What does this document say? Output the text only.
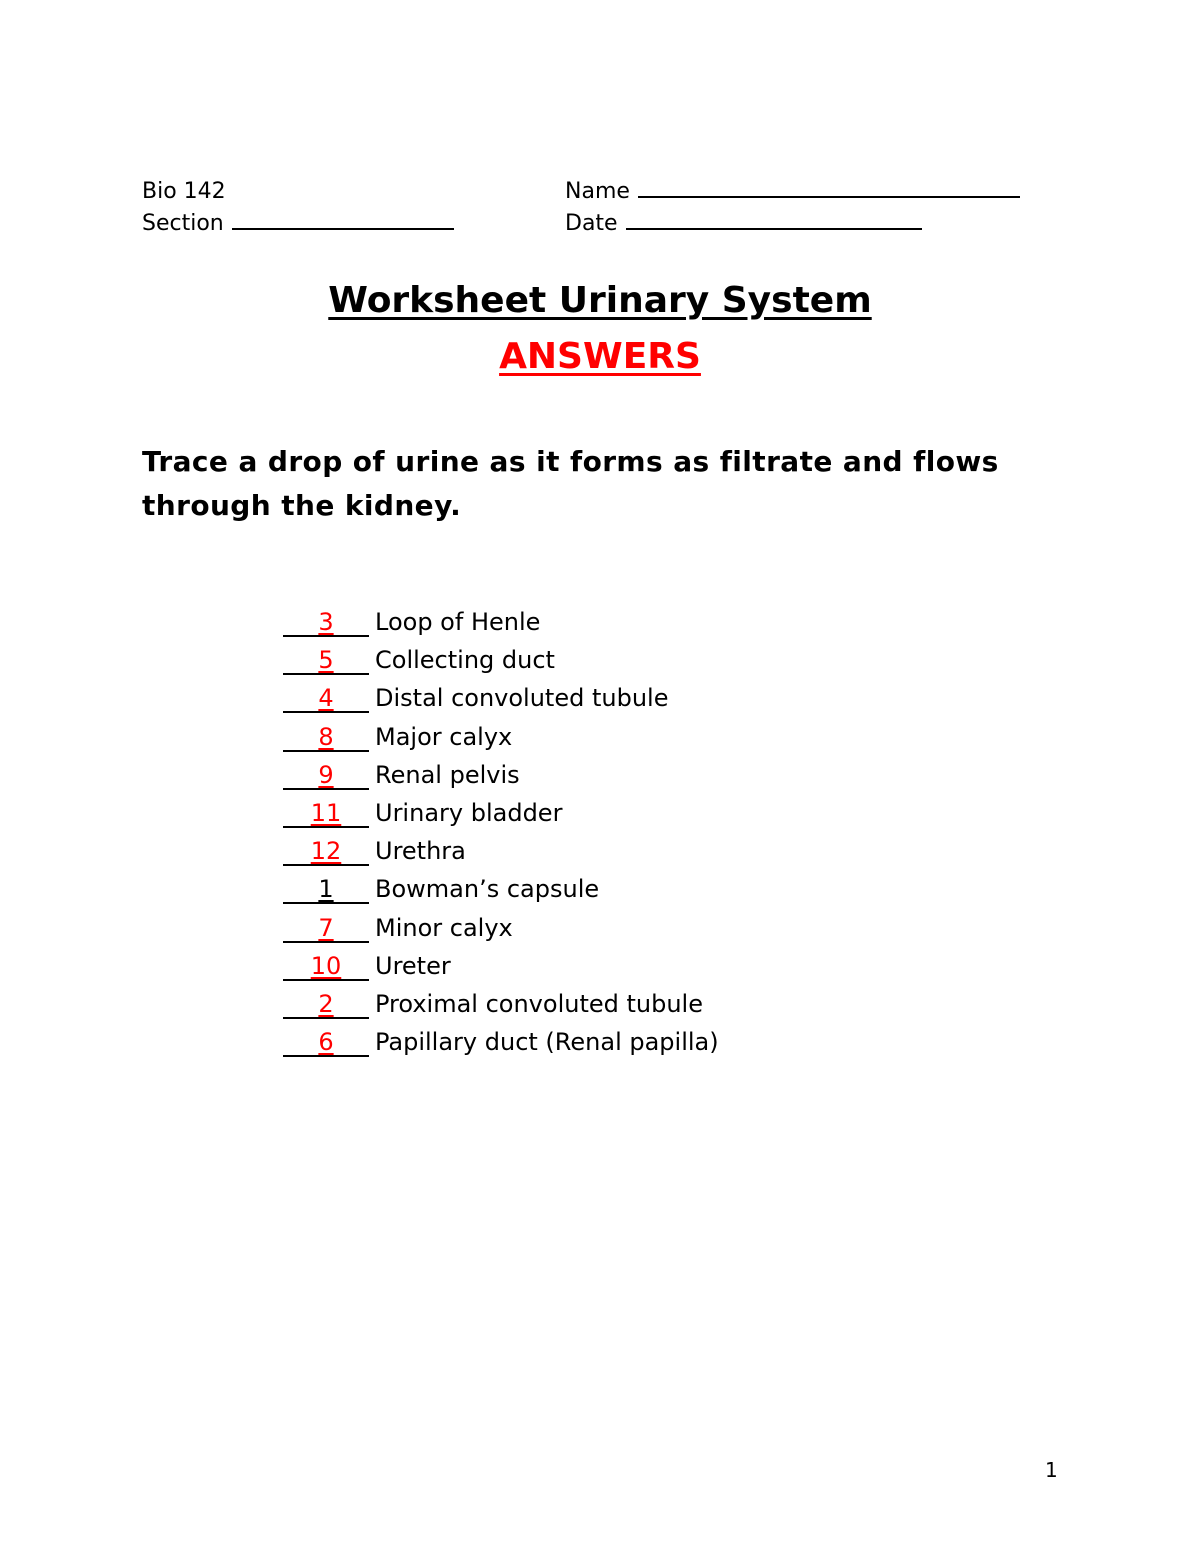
Bio 142
Section
Name
Date
Worksheet Urinary System
ANSWERS
Trace a drop of urine as it forms as filtrate and flows through the kidney.
3 Loop of Henle
5 Collecting duct
4 Distal convoluted tubule
8 Major calyx
9 Renal pelvis
11 Urinary bladder
12 Urethra
1 Bowman’s capsule
7 Minor calyx
10 Ureter
2 Proximal convoluted tubule
6 Papillary duct (Renal papilla)
1
